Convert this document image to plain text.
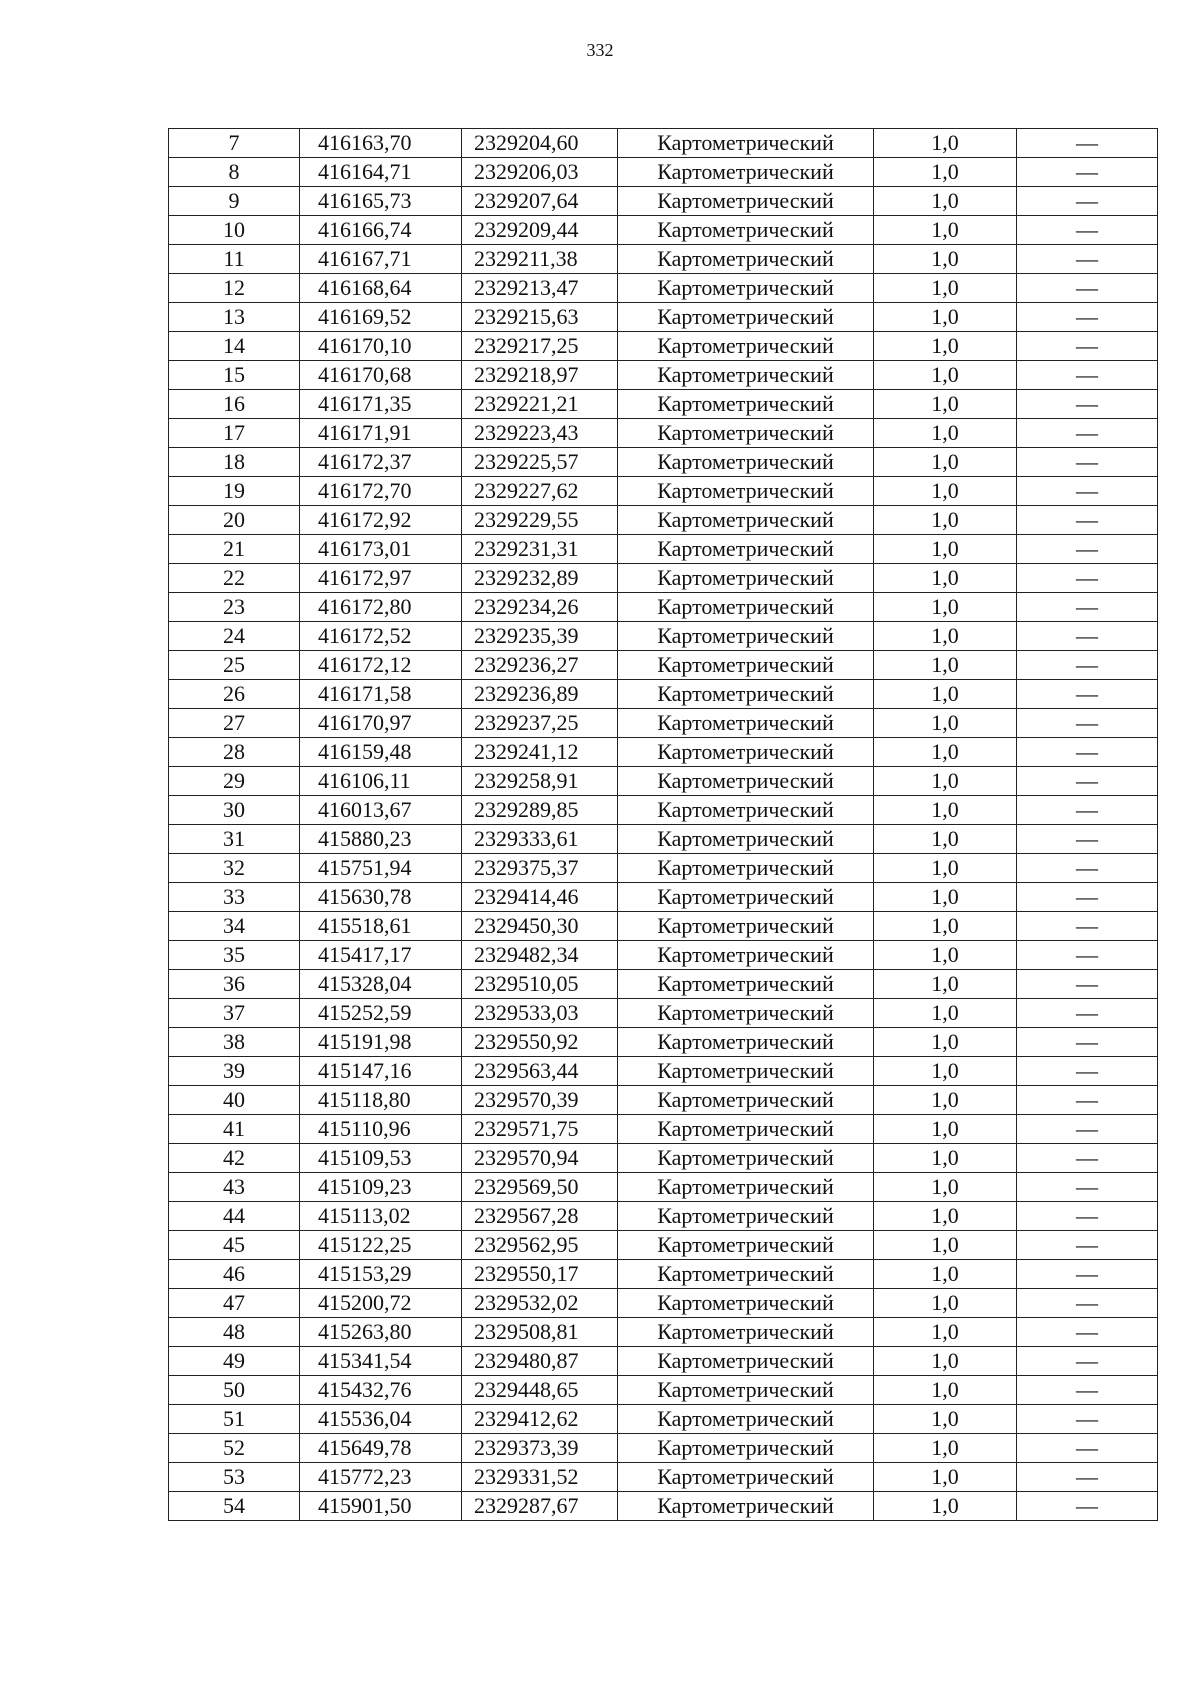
332
7	416163,70	2329204,60	Картометрический	1,0	—
8	416164,71	2329206,03	Картометрический	1,0	—
9	416165,73	2329207,64	Картометрический	1,0	—
10	416166,74	2329209,44	Картометрический	1,0	—
11	416167,71	2329211,38	Картометрический	1,0	—
12	416168,64	2329213,47	Картометрический	1,0	—
13	416169,52	2329215,63	Картометрический	1,0	—
14	416170,10	2329217,25	Картометрический	1,0	—
15	416170,68	2329218,97	Картометрический	1,0	—
16	416171,35	2329221,21	Картометрический	1,0	—
17	416171,91	2329223,43	Картометрический	1,0	—
18	416172,37	2329225,57	Картометрический	1,0	—
19	416172,70	2329227,62	Картометрический	1,0	—
20	416172,92	2329229,55	Картометрический	1,0	—
21	416173,01	2329231,31	Картометрический	1,0	—
22	416172,97	2329232,89	Картометрический	1,0	—
23	416172,80	2329234,26	Картометрический	1,0	—
24	416172,52	2329235,39	Картометрический	1,0	—
25	416172,12	2329236,27	Картометрический	1,0	—
26	416171,58	2329236,89	Картометрический	1,0	—
27	416170,97	2329237,25	Картометрический	1,0	—
28	416159,48	2329241,12	Картометрический	1,0	—
29	416106,11	2329258,91	Картометрический	1,0	—
30	416013,67	2329289,85	Картометрический	1,0	—
31	415880,23	2329333,61	Картометрический	1,0	—
32	415751,94	2329375,37	Картометрический	1,0	—
33	415630,78	2329414,46	Картометрический	1,0	—
34	415518,61	2329450,30	Картометрический	1,0	—
35	415417,17	2329482,34	Картометрический	1,0	—
36	415328,04	2329510,05	Картометрический	1,0	—
37	415252,59	2329533,03	Картометрический	1,0	—
38	415191,98	2329550,92	Картометрический	1,0	—
39	415147,16	2329563,44	Картометрический	1,0	—
40	415118,80	2329570,39	Картометрический	1,0	—
41	415110,96	2329571,75	Картометрический	1,0	—
42	415109,53	2329570,94	Картометрический	1,0	—
43	415109,23	2329569,50	Картометрический	1,0	—
44	415113,02	2329567,28	Картометрический	1,0	—
45	415122,25	2329562,95	Картометрический	1,0	—
46	415153,29	2329550,17	Картометрический	1,0	—
47	415200,72	2329532,02	Картометрический	1,0	—
48	415263,80	2329508,81	Картометрический	1,0	—
49	415341,54	2329480,87	Картометрический	1,0	—
50	415432,76	2329448,65	Картометрический	1,0	—
51	415536,04	2329412,62	Картометрический	1,0	—
52	415649,78	2329373,39	Картометрический	1,0	—
53	415772,23	2329331,52	Картометрический	1,0	—
54	415901,50	2329287,67	Картометрический	1,0	—
